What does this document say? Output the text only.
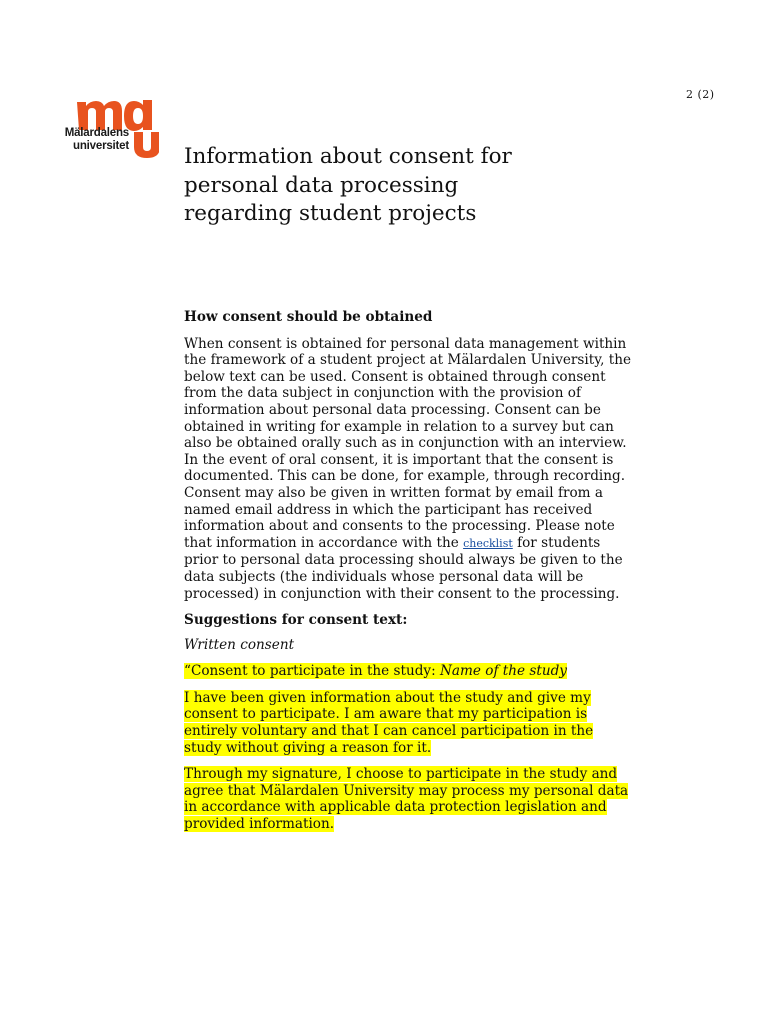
2 (2)
Mälardalens
universitet	Information about consent for personal data processing regarding student projects

How consent should be obtained

When consent is obtained for personal data management within the framework of a student project at Mälardalen University, the below text can be used. Consent is obtained through consent from the data subject in conjunction with the provision of information about personal data processing. Consent can be obtained in writing for example in relation to a survey but can also be obtained orally such as in conjunction with an interview. In the event of oral consent, it is important that the consent is documented. This can be done, for example, through recording. Consent may also be given in written format by email from a named email address in which the participant has received information about and consents to the processing. Please note that information in accordance with the checklist for students prior to personal data processing should always be given to the data subjects (the individuals whose personal data will be processed) in conjunction with their consent to the processing.

Suggestions for consent text:

Written consent

“Consent to participate in the study: Name of the study

I have been given information about the study and give my consent to participate. I am aware that my participation is entirely voluntary and that I can cancel participation in the study without giving a reason for it.

Through my signature, I choose to participate in the study and agree that Mälardalen University may process my personal data in accordance with applicable data protection legislation and provided information.
